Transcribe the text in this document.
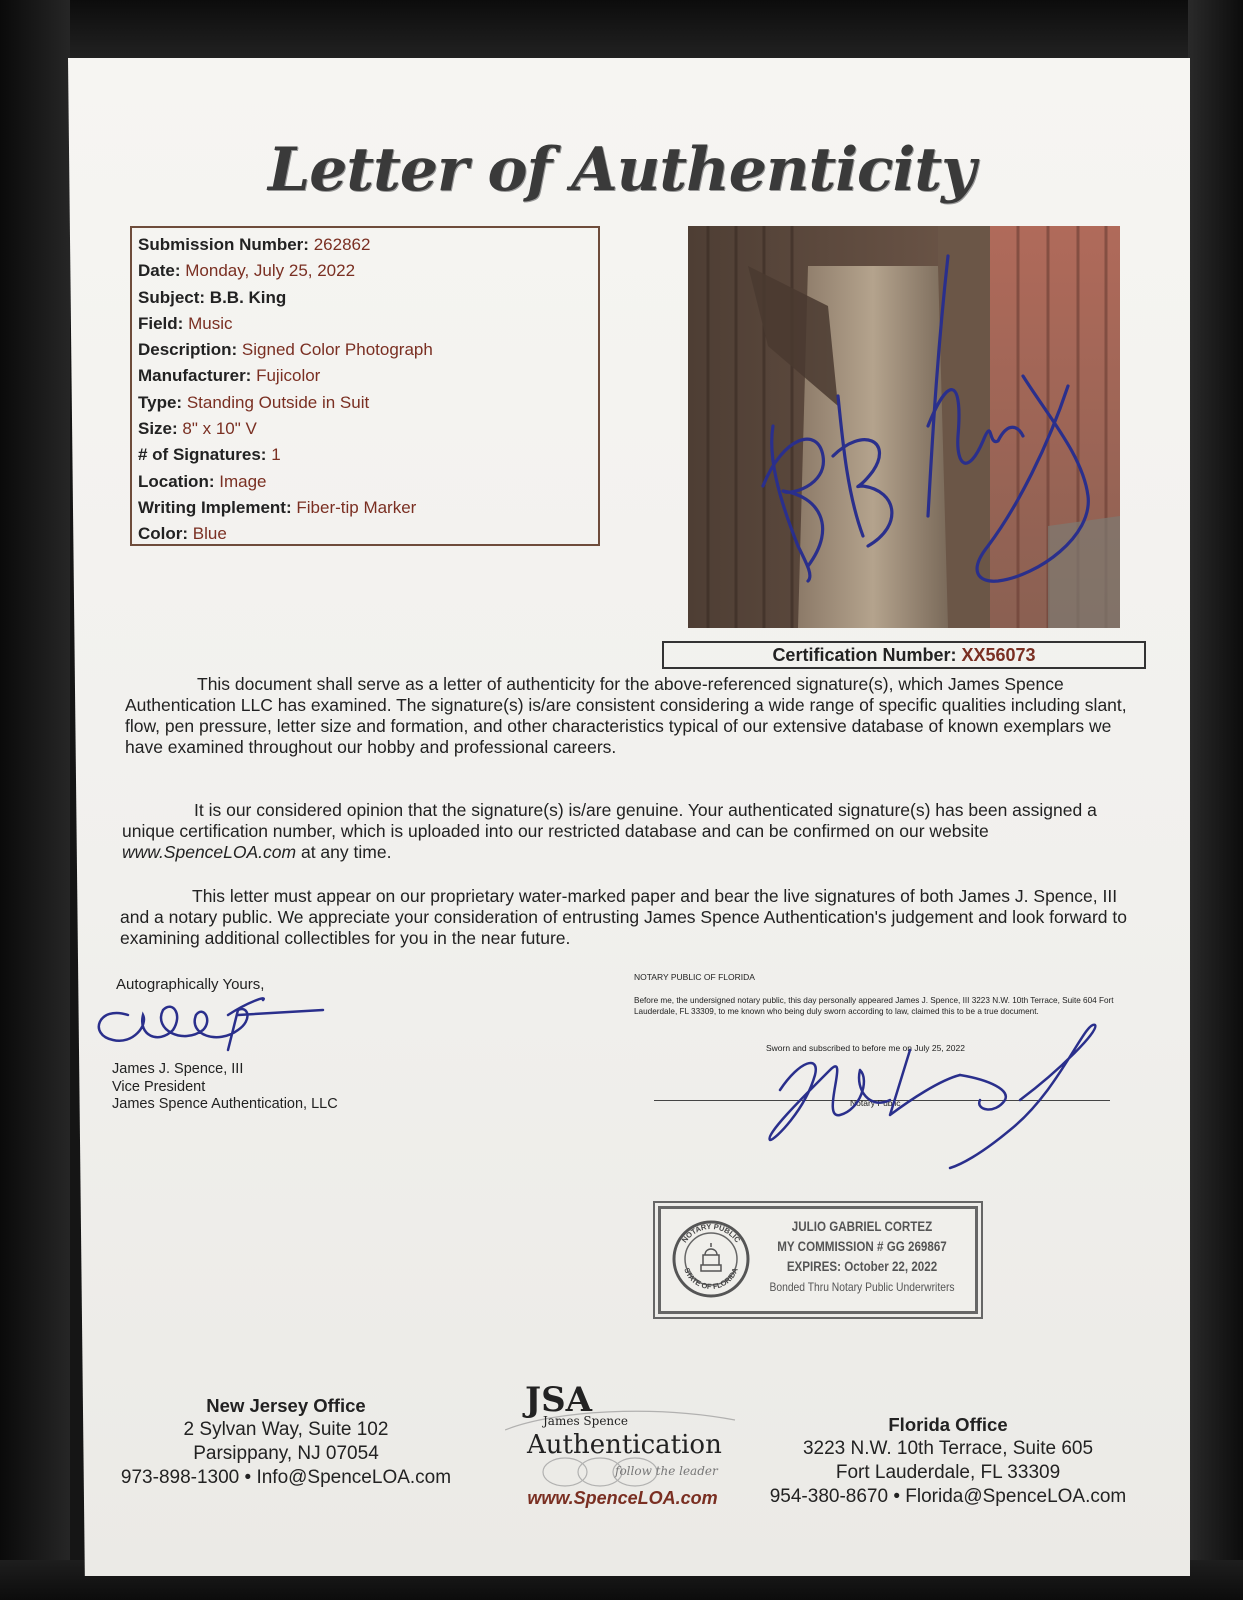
Letter of Authenticity
Submission Number: 262862
Date: Monday, July 25, 2022
Subject: B.B. King
Field: Music
Description: Signed Color Photograph
Manufacturer: Fujicolor
Type: Standing Outside in Suit
Size: 8" x 10" V
# of Signatures: 1
Location: Image
Writing Implement: Fiber-tip Marker
Color: Blue
Certification Number: XX56073
This document shall serve as a letter of authenticity for the above-referenced signature(s), which James Spence Authentication LLC has examined. The signature(s) is/are consistent considering a wide range of specific qualities including slant, flow, pen pressure, letter size and formation, and other characteristics typical of our extensive database of known exemplars we have examined throughout our hobby and professional careers.
It is our considered opinion that the signature(s) is/are genuine. Your authenticated signature(s) has been assigned a unique certification number, which is uploaded into our restricted database and can be confirmed on our website www.SpenceLOA.com at any time.
This letter must appear on our proprietary water-marked paper and bear the live signatures of both James J. Spence, III and a notary public. We appreciate your consideration of entrusting James Spence Authentication's judgement and look forward to examining additional collectibles for you in the near future.
Autographically Yours,
James J. Spence, III
Vice President
James Spence Authentication, LLC
NOTARY PUBLIC OF FLORIDA
Before me, the undersigned notary public, this day personally appeared James J. Spence, III 3223 N.W. 10th Terrace, Suite 604 Fort Lauderdale, FL 33309, to me known who being duly sworn according to law, claimed this to be a true document.
Sworn and subscribed to before me on July 25, 2022
Notary Public
NOTARY PUBLIC
STATE OF FLORIDA
JULIO GABRIEL CORTEZ
MY COMMISSION # GG 269867
EXPIRES: October 22, 2022
Bonded Thru Notary Public Underwriters
New Jersey Office
2 Sylvan Way, Suite 102
Parsippany, NJ 07054
973-898-1300 • Info@SpenceLOA.com
JSA
James Spence
Authentication
follow the leader
www.SpenceLOA.com
Florida Office
3223 N.W. 10th Terrace, Suite 605
Fort Lauderdale, FL 33309
954-380-8670 • Florida@SpenceLOA.com
